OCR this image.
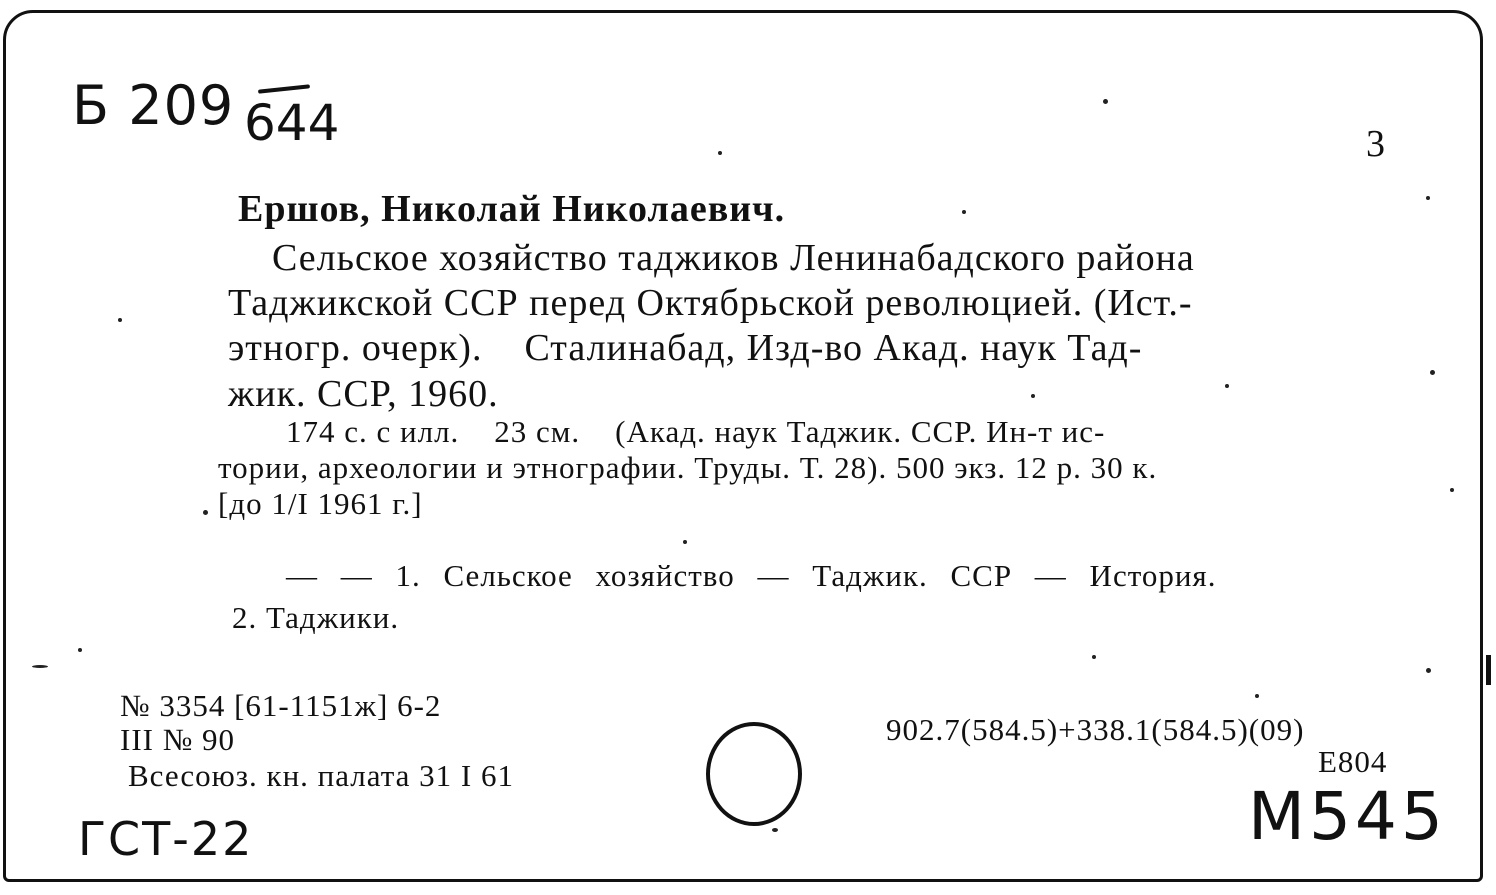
Б 209 644	3
Ершов, Николай Николаевич.
Сельское хозяйство таджиков Ленинабадского района
Таджикской ССР перед Октябрьской революцией. (Ист.-
этногр. очерк).    Сталинабад, Изд-во Акад. наук Тад-
жик. ССР, 1960.
174 с. с илл.    23 см.    (Акад. наук Таджик. ССР. Ин-т ис-
тории, археологии и этнографии. Труды. Т. 28). 500 экз. 12 р. 30 к.
[до 1/I 1961 г.]
— — 1. Сельское хозяйство — Таджик. ССР — История.
2. Таджики.
№ 3354 [61-1151ж] 6-2
III № 90
Всесоюз. кн. палата 31 I 61
902.7(584.5)+338.1(584.5)(09)
Е804
ГСТ-22	М545
